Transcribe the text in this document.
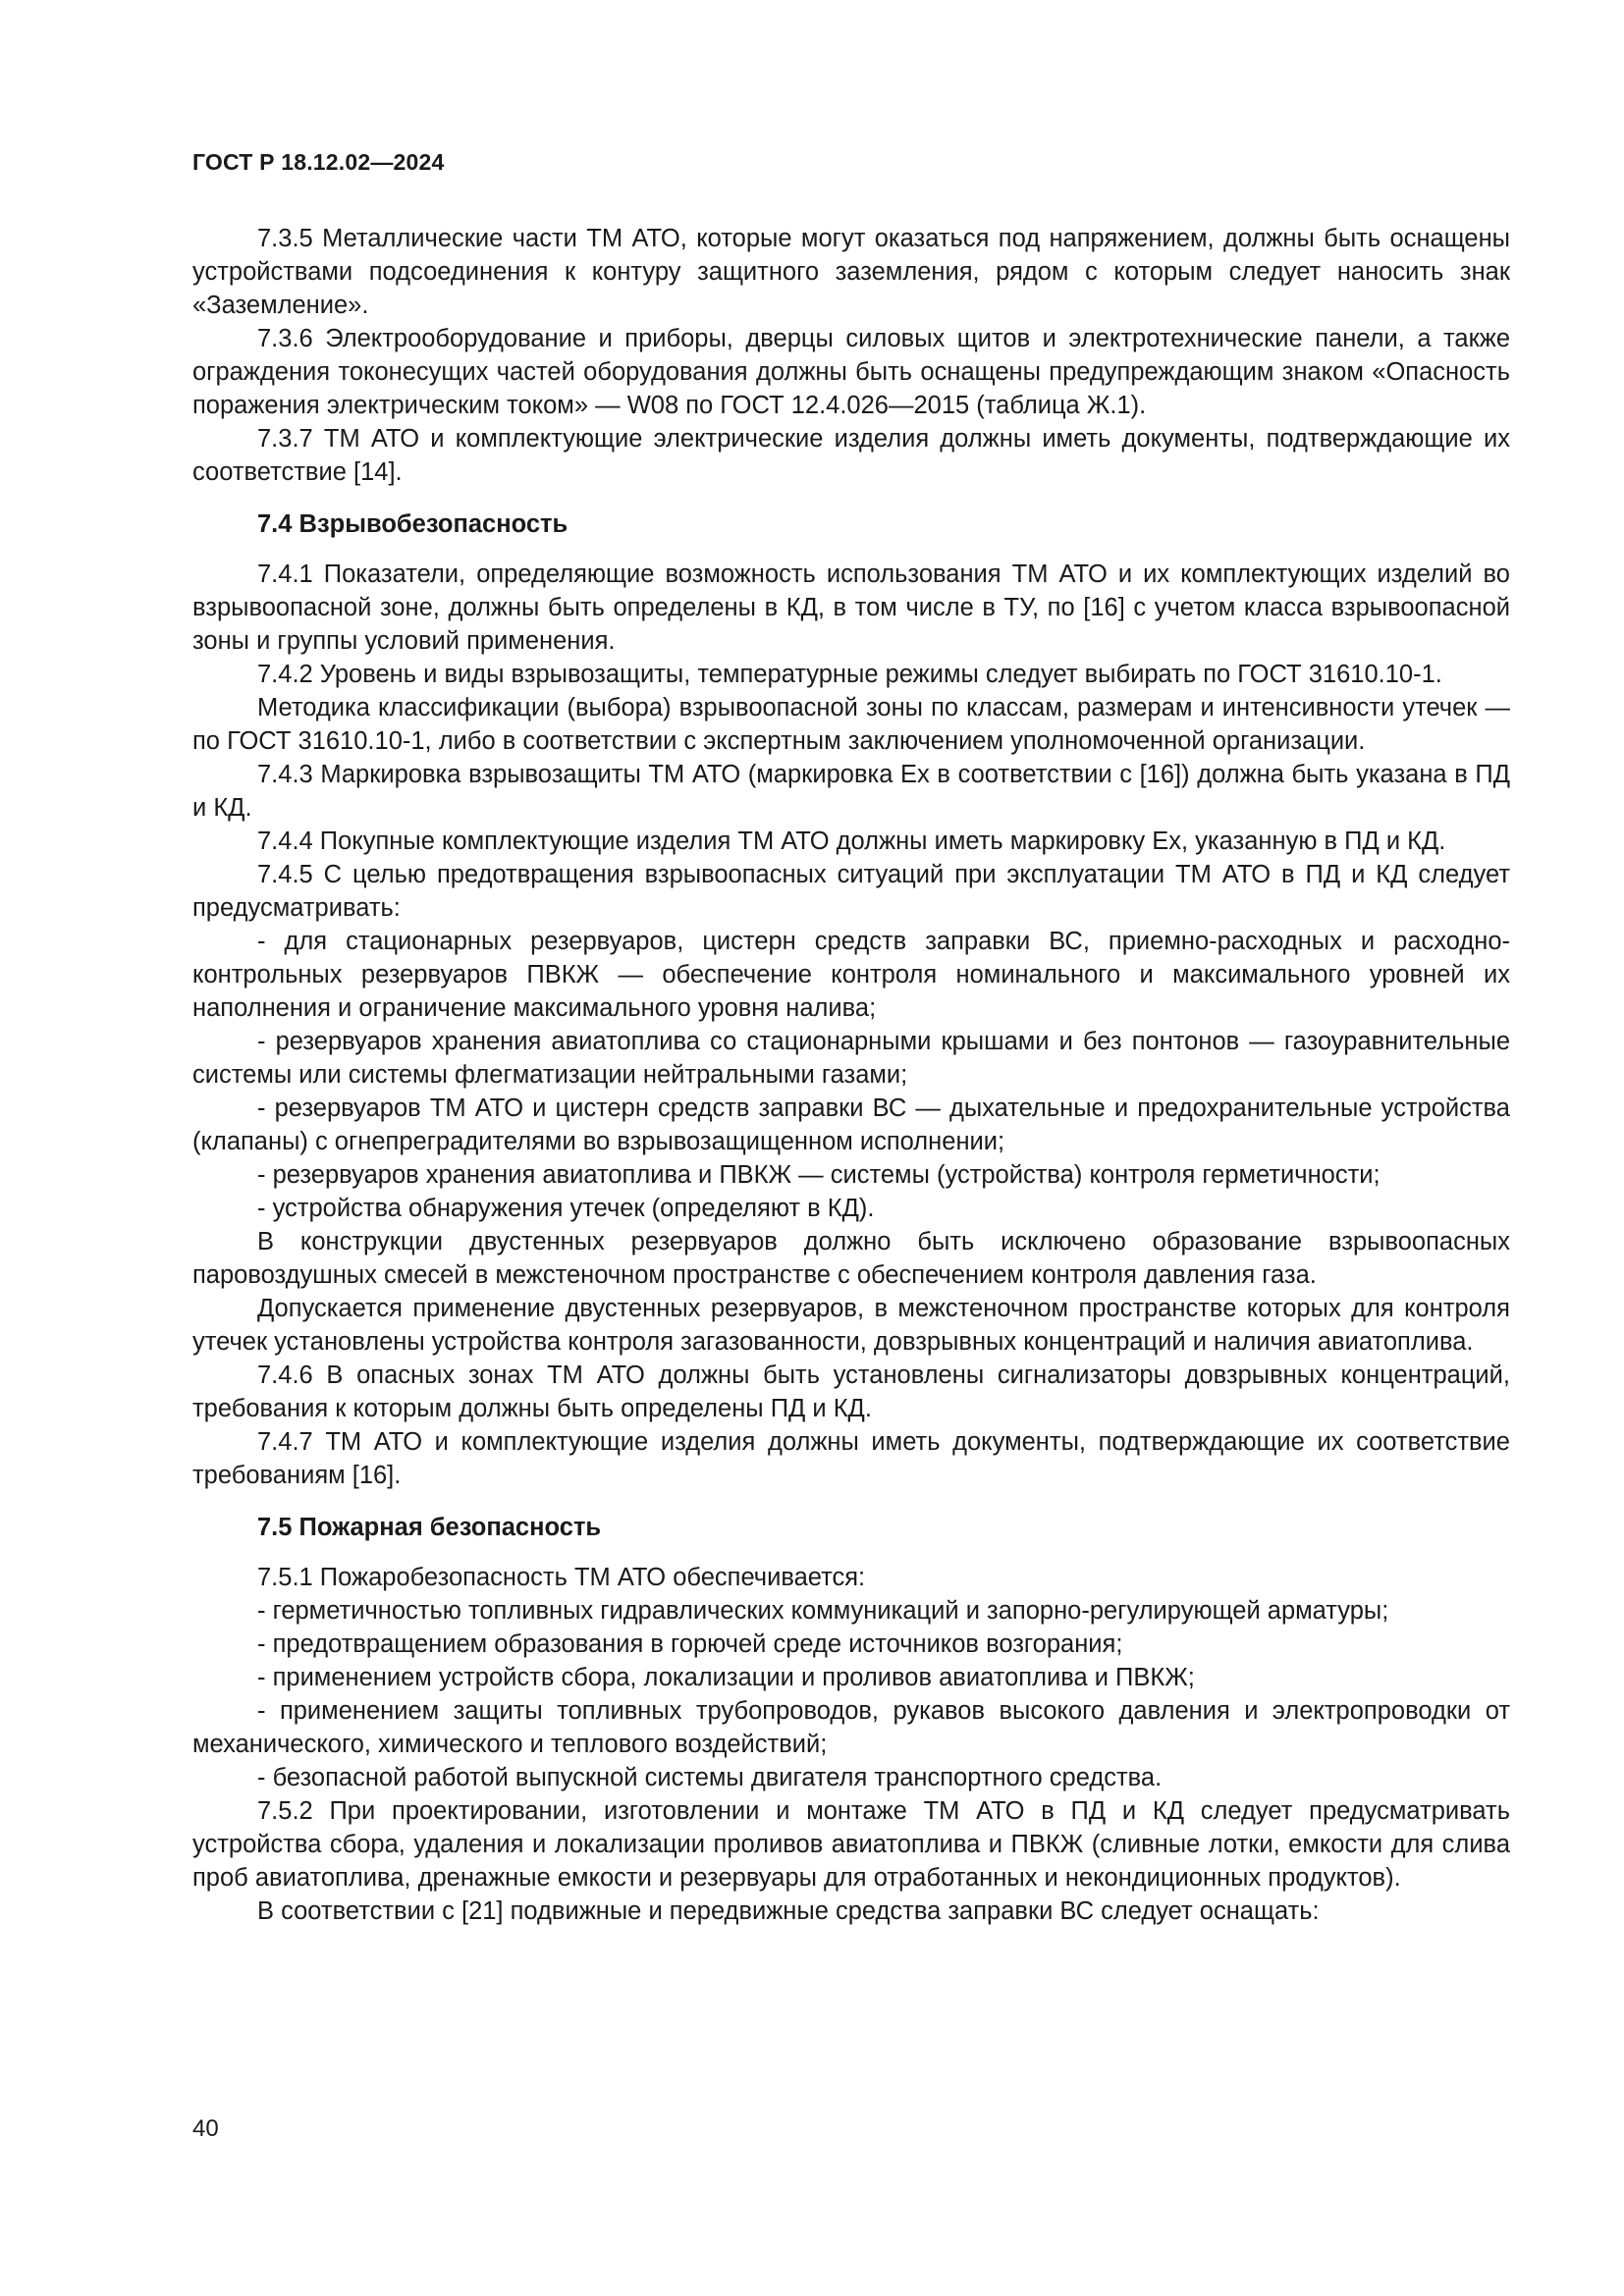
ГОСТ Р 18.12.02—2024

7.3.5 Металлические части ТМ АТО, которые могут оказаться под напряжением, должны быть оснащены устройствами подсоединения к контуру защитного заземления, рядом с которым следует наносить знак «Заземление».

7.3.6 Электрооборудование и приборы, дверцы силовых щитов и электротехнические панели, а также ограждения токонесущих частей оборудования должны быть оснащены предупреждающим знаком «Опасность поражения электрическим током» — W08 по ГОСТ 12.4.026—2015 (таблица Ж.1).

7.3.7 ТМ АТО и комплектующие электрические изделия должны иметь документы, подтверждающие их соответствие [14].

7.4 Взрывобезопасность

7.4.1 Показатели, определяющие возможность использования ТМ АТО и их комплектующих изделий во взрывоопасной зоне, должны быть определены в КД, в том числе в ТУ, по [16] с учетом класса взрывоопасной зоны и группы условий применения.

7.4.2 Уровень и виды взрывозащиты, температурные режимы следует выбирать по ГОСТ 31610.10-1.

Методика классификации (выбора) взрывоопасной зоны по классам, размерам и интенсивности утечек — по ГОСТ 31610.10-1, либо в соответствии с экспертным заключением уполномоченной организации.

7.4.3 Маркировка взрывозащиты ТМ АТО (маркировка Ex в соответствии с [16]) должна быть указана в ПД и КД.

7.4.4 Покупные комплектующие изделия ТМ АТО должны иметь маркировку Ex, указанную в ПД и КД.

7.4.5 С целью предотвращения взрывоопасных ситуаций при эксплуатации ТМ АТО в ПД и КД следует предусматривать:

- для стационарных резервуаров, цистерн средств заправки ВС, приемно-расходных и расходно-контрольных резервуаров ПВКЖ — обеспечение контроля номинального и максимального уровней их наполнения и ограничение максимального уровня налива;

- резервуаров хранения авиатоплива со стационарными крышами и без понтонов — газоуравнительные системы или системы флегматизации нейтральными газами;

- резервуаров ТМ АТО и цистерн средств заправки ВС — дыхательные и предохранительные устройства (клапаны) с огнепреградителями во взрывозащищенном исполнении;

- резервуаров хранения авиатоплива и ПВКЖ — системы (устройства) контроля герметичности;

- устройства обнаружения утечек (определяют в КД).

В конструкции двустенных резервуаров должно быть исключено образование взрывоопасных паровоздушных смесей в межстеночном пространстве с обеспечением контроля давления газа.

Допускается применение двустенных резервуаров, в межстеночном пространстве которых для контроля утечек установлены устройства контроля загазованности, довзрывных концентраций и наличия авиатоплива.

7.4.6 В опасных зонах ТМ АТО должны быть установлены сигнализаторы довзрывных концентраций, требования к которым должны быть определены ПД и КД.

7.4.7 ТМ АТО и комплектующие изделия должны иметь документы, подтверждающие их соответствие требованиям [16].

7.5 Пожарная безопасность

7.5.1 Пожаробезопасность ТМ АТО обеспечивается:

- герметичностью топливных гидравлических коммуникаций и запорно-регулирующей арматуры;

- предотвращением образования в горючей среде источников возгорания;

- применением устройств сбора, локализации и проливов авиатоплива и ПВКЖ;

- применением защиты топливных трубопроводов, рукавов высокого давления и электропроводки от механического, химического и теплового воздействий;

- безопасной работой выпускной системы двигателя транспортного средства.

7.5.2 При проектировании, изготовлении и монтаже ТМ АТО в ПД и КД следует предусматривать устройства сбора, удаления и локализации проливов авиатоплива и ПВКЖ (сливные лотки, емкости для слива проб авиатоплива, дренажные емкости и резервуары для отработанных и некондиционных продуктов).

В соответствии с [21] подвижные и передвижные средства заправки ВС следует оснащать:

40
